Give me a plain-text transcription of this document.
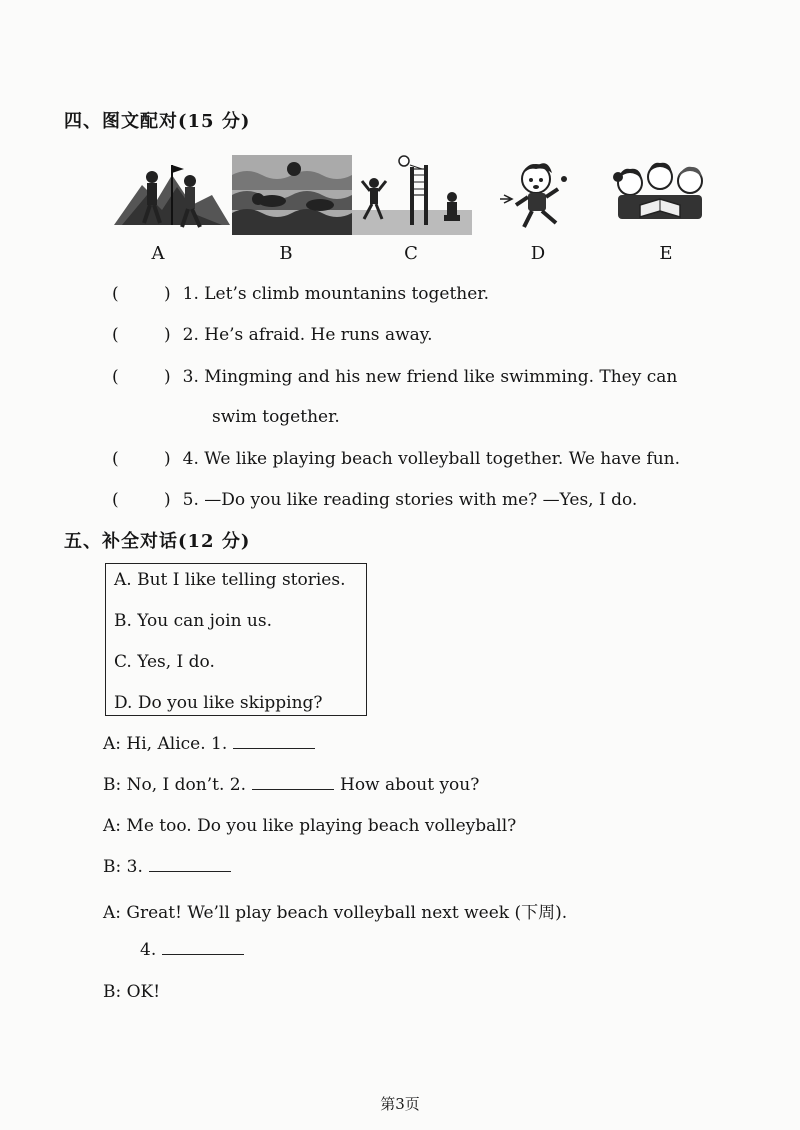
四、图文配对(15 分)
A	B	C	D	E
(	) 1. Let’s climb mountanins together.
(	) 2. He’s afraid. He runs away.
(	) 3. Mingming and his new friend like swimming. They can
swim together.
(	) 4. We like playing beach volleyball together. We have fun.
(	) 5. —Do you like reading stories with me? —Yes, I do.
五、补全对话(12 分)
A. But I like telling stories.
B. You can join us.
C. Yes, I do.
D. Do you like skipping?
A: Hi, Alice. 1.
B: No, I don’t. 2.	How about you?
A: Me too. Do you like playing beach volleyball?
B: 3.
A: Great! We’ll play beach volleyball next week (下周).
4.
B: OK!
第3页
